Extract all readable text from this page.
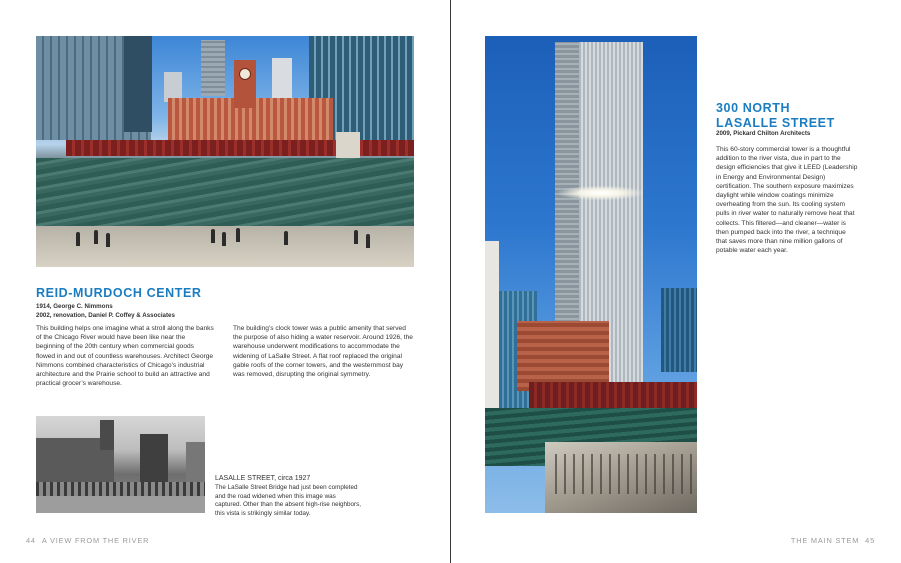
REID-MURDOCH CENTER
1914, George C. Nimmons
2002, renovation, Daniel P. Coffey & Associates
This building helps one imagine what a stroll along the banks of the Chicago River would have been like near the beginning of the 20th century when commercial goods flowed in and out of countless warehouses. Architect George Nimmons combined characteristics of Chicago’s industrial architecture and the Prairie school to build an attractive and practical grocer’s warehouse.
The building’s clock tower was a public amenity that served the purpose of also hiding a water reservoir. Around 1926, the warehouse underwent modifications to accommodate the widening of LaSalle Street. A flat roof replaced the original gable roofs of the corner towers, and the westernmost bay was removed, disrupting the original symmetry.
LASALLE STREET, circa 1927
The LaSalle Street Bridge had just been completed and the road widened when this image was captured. Other than the absent high-rise neighbors, this vista is strikingly similar today.
300 NORTH
LASALLE STREET
2009, Pickard Chilton Architects
This 60-story commercial tower is a thoughtful addition to the river vista, due in part to the design efficiencies that give it LEED (Leadership in Energy and Environmental Design) certification. The southern exposure maximizes daylight while window coatings minimize overheating from the sun. Its cooling system pulls in river water to naturally remove heat that collects. This filtered—and cleaner—water is then pumped back into the river, a technique that saves more than nine million gallons of potable water each year.
44 A VIEW FROM THE RIVER	THE MAIN STEM 45
